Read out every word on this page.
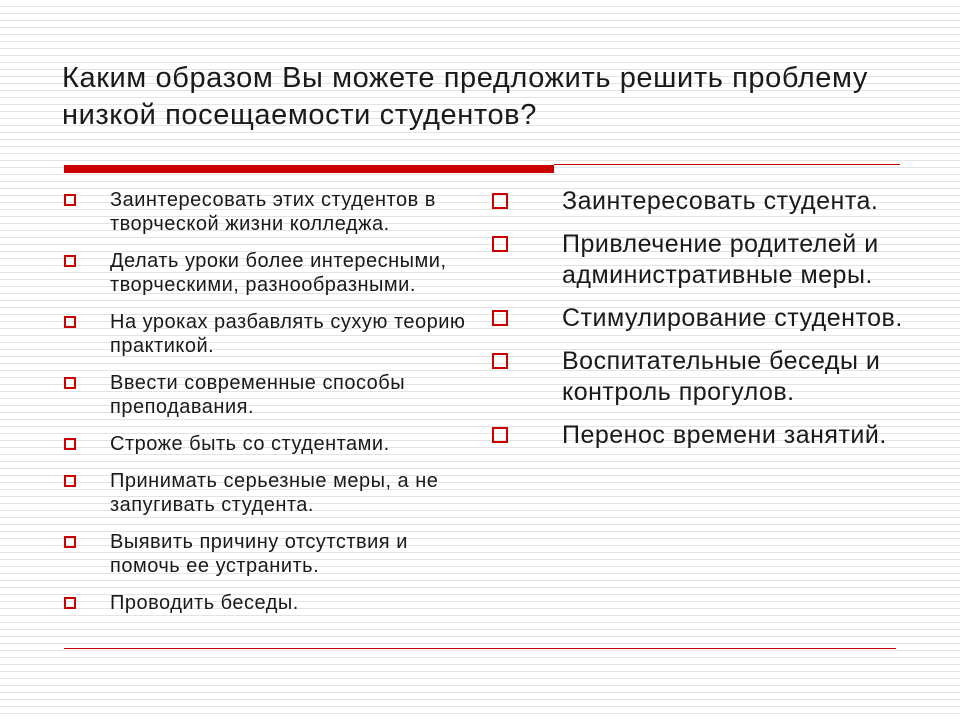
Каким образом Вы можете предложить решить проблему низкой посещаемости студентов?
Заинтересовать этих студентов в творческой жизни колледжа.
Делать уроки более интересными, творческими, разнообразными.
На уроках разбавлять сухую теорию практикой.
Ввести современные способы преподавания.
Строже быть со студентами.
Принимать серьезные меры, а не запугивать студента.
Выявить причину отсутствия и помочь ее устранить.
Проводить беседы.
Заинтересовать студента.
Привлечение родителей и административные меры.
Стимулирование студентов.
Воспитательные беседы и контроль прогулов.
Перенос времени занятий.
